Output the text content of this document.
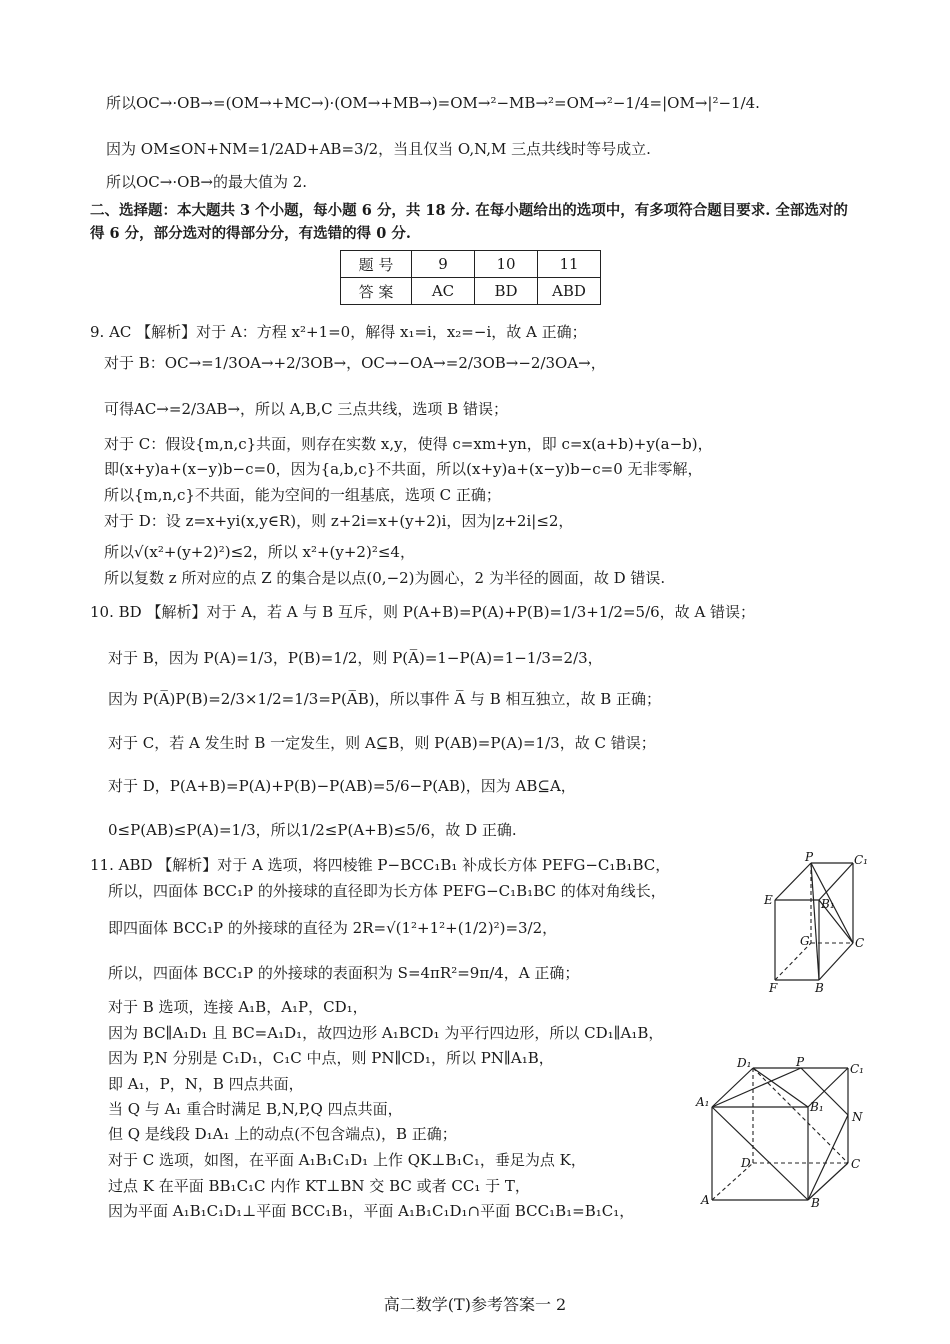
所以OC→·OB→=(OM→+MC→)·(OM→+MB→)=OM→²−MB→²=OM→²−1/4=|OM→|²−1/4.
因为 OM≤ON+NM=1/2AD+AB=3/2，当且仅当 O,N,M 三点共线时等号成立.
所以OC→·OB→的最大值为 2.
二、选择题：本大题共 3 个小题，每小题 6 分，共 18 分. 在每小题给出的选项中，有多项符合题目要求. 全部选对的
得 6 分，部分选对的得部分分，有选错的得 0 分.
题 号	9	10	11
答 案	AC	BD	ABD
9. AC 【解析】对于 A：方程 x²+1=0，解得 x₁=i，x₂=−i，故 A 正确；
对于 B：OC→=1/3OA→+2/3OB→，OC→−OA→=2/3OB→−2/3OA→，
可得AC→=2/3AB→，所以 A,B,C 三点共线，选项 B 错误；
对于 C：假设{m,n,c}共面，则存在实数 x,y，使得 c=xm+yn，即 c=x(a+b)+y(a−b)，
即(x+y)a+(x−y)b−c=0，因为{a,b,c}不共面，所以(x+y)a+(x−y)b−c=0 无非零解，
所以{m,n,c}不共面，能为空间的一组基底，选项 C 正确；
对于 D：设 z=x+yi(x,y∈R)，则 z+2i=x+(y+2)i，因为|z+2i|≤2，
所以√(x²+(y+2)²)≤2，所以 x²+(y+2)²≤4，
所以复数 z 所对应的点 Z 的集合是以点(0,−2)为圆心，2 为半径的圆面，故 D 错误.
10. BD 【解析】对于 A，若 A 与 B 互斥，则 P(A+B)=P(A)+P(B)=1/3+1/2=5/6，故 A 错误；
对于 B，因为 P(A)=1/3，P(B)=1/2，则 P(A̅)=1−P(A)=1−1/3=2/3，
因为 P(A̅)P(B)=2/3×1/2=1/3=P(A̅B)，所以事件 A̅ 与 B 相互独立，故 B 正确；
对于 C，若 A 发生时 B 一定发生，则 A⊆B，则 P(AB)=P(A)=1/3，故 C 错误；
对于 D，P(A+B)=P(A)+P(B)−P(AB)=5/6−P(AB)，因为 AB⊆A，
0≤P(AB)≤P(A)=1/3，所以1/2≤P(A+B)≤5/6，故 D 正确.
11. ABD 【解析】对于 A 选项，将四棱锥 P−BCC₁B₁ 补成长方体 PEFG−C₁B₁BC，
所以，四面体 BCC₁P 的外接球的直径即为长方体 PEFG−C₁B₁BC 的体对角线长，
即四面体 BCC₁P 的外接球的直径为 2R=√(1²+1²+(1/2)²)=3/2，
所以，四面体 BCC₁P 的外接球的表面积为 S=4πR²=9π/4，A 正确；
对于 B 选项，连接 A₁B，A₁P，CD₁，
因为 BC∥A₁D₁ 且 BC=A₁D₁，故四边形 A₁BCD₁ 为平行四边形，所以 CD₁∥A₁B，
因为 P,N 分别是 C₁D₁，C₁C 中点，则 PN∥CD₁，所以 PN∥A₁B，
即 A₁，P，N，B 四点共面，
当 Q 与 A₁ 重合时满足 B,N,P,Q 四点共面，
但 Q 是线段 D₁A₁ 上的动点(不包含端点)，B 正确；
对于 C 选项，如图，在平面 A₁B₁C₁D₁ 上作 QK⊥B₁C₁，垂足为点 K，
过点 K 在平面 BB₁C₁C 内作 KT⊥BN 交 BC 或者 CC₁ 于 T，
因为平面 A₁B₁C₁D₁⊥平面 BCC₁B₁，平面 A₁B₁C₁D₁∩平面 BCC₁B₁=B₁C₁，
P	C₁
E	B₁
G	C
F	B
D₁	P	C₁
A₁	B₁
N
D	C
A	B
高二数学(T)参考答案一 2
